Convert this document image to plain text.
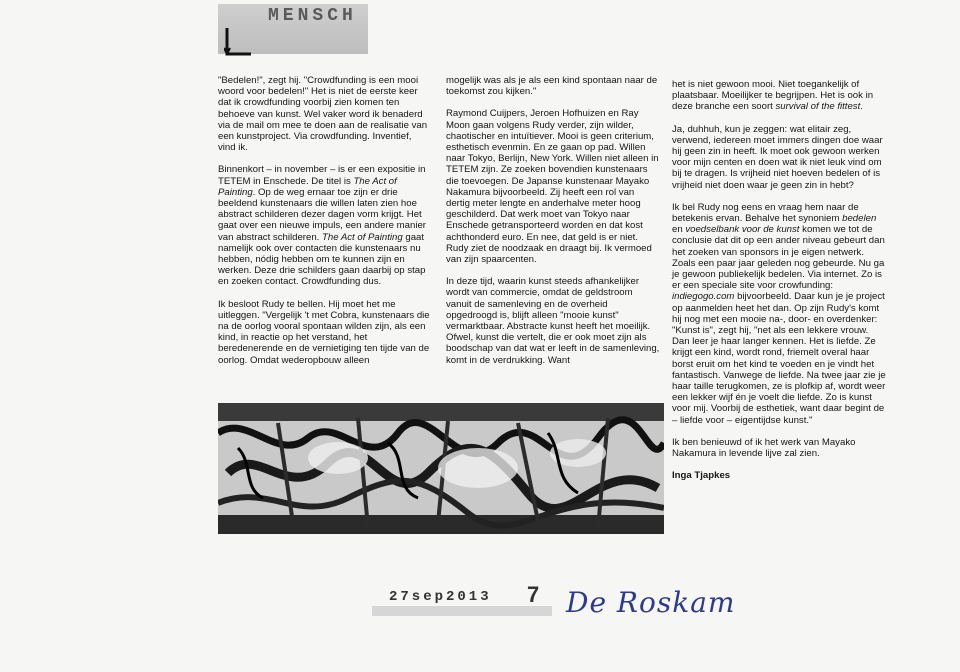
MENSCH

"Bedelen!", zegt hij. "Crowdfunding is een mooi woord voor bedelen!" Het is niet de eerste keer dat ik crowdfunding voorbij zien komen ten behoeve van kunst. Wel vaker word ik benaderd via de mail om mee te doen aan de realisatie van een kunstproject. Via crowdfunding. Inventief, vind ik.

Binnenkort – in november – is er een expositie in TETEM in Enschede. De titel is The Act of Painting. Op de weg ernaar toe zijn er drie beeldend kunstenaars die willen laten zien hoe abstract schilderen dezer dagen vorm krijgt. Het gaat over een nieuwe impuls, een andere manier van abstract schilderen. The Act of Painting gaat namelijk ook over contacten die kunstenaars nu hebben, nódig hebben om te kunnen zijn en werken. Deze drie schilders gaan daarbij op stap en zoeken contact. Crowdfunding dus.

Ik besloot Rudy te bellen. Hij moet het me uitleggen. "Vergelijk 't met Cobra, kunstenaars die na de oorlog vooral spontaan wilden zijn, als een kind, in reactie op het verstand, het beredenerende en de vernietiging ten tijde van de oorlog. Omdat wederopbouw alleen

mogelijk was als je als een kind spontaan naar de toekomst zou kijken."

Raymond Cuijpers, Jeroen Hofhuizen en Ray Moon gaan volgens Rudy verder, zijn wilder, chaotischer en intuïtiever. Mooi is geen criterium, esthetisch evenmin. En ze gaan op pad. Willen naar Tokyo, Berlijn, New York. Willen niet alleen in TETEM zijn. Ze zoeken bovendien kunstenaars die toevoegen. De Japanse kunstenaar Mayako Nakamura bijvoorbeeld. Zij heeft een rol van dertig meter lengte en anderhalve meter hoog geschilderd. Dat werk moet van Tokyo naar Enschede getransporteerd worden en dat kost achthonderd euro. En nee, dat geld is er niet. Rudy ziet de noodzaak en draagt bij. Ik vermoed van zijn spaarcenten.

In deze tijd, waarin kunst steeds afhankelijker wordt van commercie, omdat de geldstroom vanuit de samenleving en de overheid opgedroogd is, blijft alleen "mooie kunst" vermarktbaar. Abstracte kunst heeft het moeilijk. Ofwel, kunst die vertelt, die er ook moet zijn als boodschap van dat wat er leeft in de samenleving, komt in de verdrukking. Want

het is niet gewoon mooi. Niet toegankelijk of plaatsbaar. Moeilijker te begrijpen. Het is ook in deze branche een soort survival of the fittest.

Ja, duhhuh, kun je zeggen: wat elitair zeg, verwend, iedereen moet immers dingen doe waar hij geen zin in heeft. Ik moet ook gewoon werken voor mijn centen en doen wat ik niet leuk vind om bij te dragen. Is vrijheid niet hoeven bedelen of is vrijheid niet doen waar je geen zin in hebt?

Ik bel Rudy nog eens en vraag hem naar de betekenis ervan. Behalve het synoniem bedelen en voedselbank voor de kunst komen we tot de conclusie dat dit op een ander niveau gebeurt dan het zoeken van sponsors in je eigen netwerk. Zoals een paar jaar geleden nog gebeurde. Nu ga je gewoon publiekelijk bedelen. Via internet. Zo is er een speciale site voor crowfunding: indiegogo.com bijvoorbeeld. Daar kun je je project op aanmelden heet het dan. Op zijn Rudy's komt hij nog met een mooie na-, door- en overdenker: "Kunst is", zegt hij, "net als een lekkere vrouw. Dan leer je haar langer kennen. Het is liefde. Ze krijgt een kind, wordt rond, friemelt overal haar borst eruit om het kind te voeden en je vindt het fantastisch. Vanwege de liefde. Na twee jaar zie je haar taille terugkomen, ze is plofkip af, wordt weer een lekker wijf én je voelt die liefde. Zo is kunst voor mij. Voorbij de esthetiek, want daar begint de – liefde voor – eigentijdse kunst."

Ik ben benieuwd of ik het werk van Mayako Nakamura in levende lijve zal zien.

Inga Tjapkes
27sep2013 7 De Roskam
